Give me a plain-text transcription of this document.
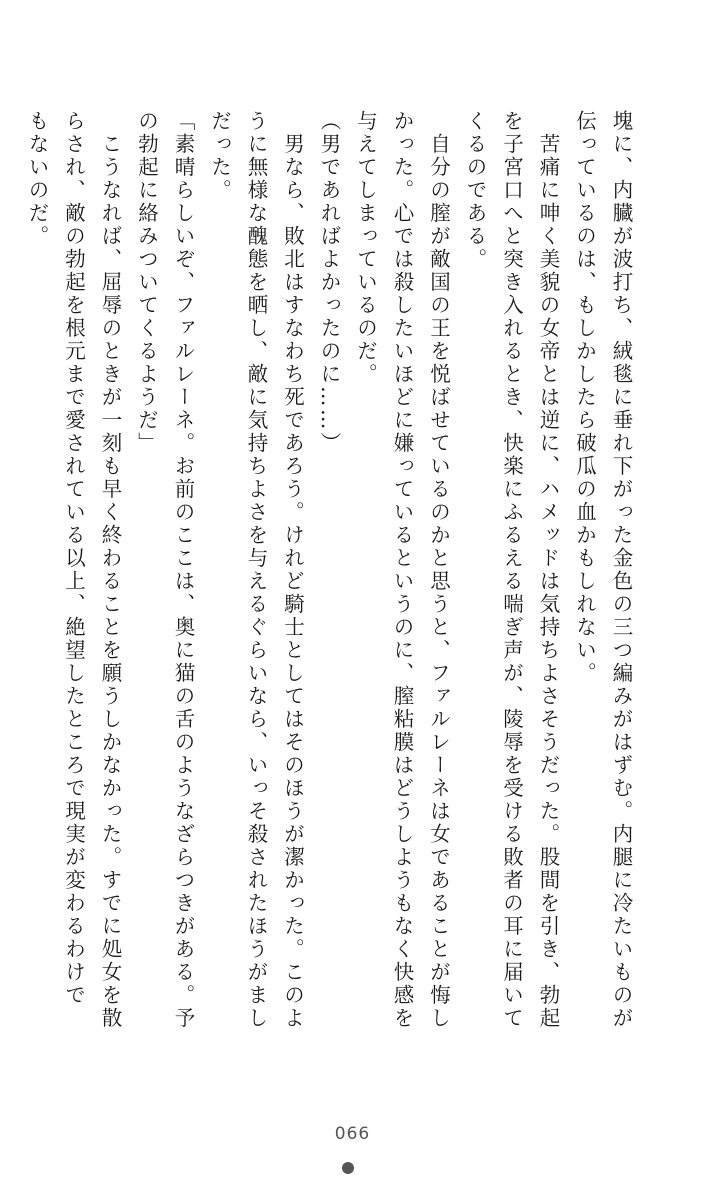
塊に、内臓が波打ち、絨毯に垂れ下がった金色の三つ編みがはずむ。内腿に冷たいものが
伝っているのは、もしかしたら破瓜の血かもしれない。
　苦痛に呻く美貌の女帝とは逆に、ハメッドは気持ちよさそうだった。股間を引き、勃起
を子宮口へと突き入れるとき、快楽にふるえる喘ぎ声が、陵辱を受ける敗者の耳に届いて
くるのである。
　自分の膣が敵国の王を悦ばせているのかと思うと、ファルレーネは女であることが悔し
かった。心では殺したいほどに嫌っているというのに、膣粘膜はどうしようもなく快感を
与えてしまっているのだ。
（男であればよかったのに……）
　男なら、敗北はすなわち死であろう。けれど騎士としてはそのほうが潔かった。このよ
うに無様な醜態を晒し、敵に気持ちよさを与えるぐらいなら、いっそ殺されたほうがまし
だった。
「素晴らしいぞ、ファルレーネ。お前のここは、奥に猫の舌のようなざらつきがある。予
の勃起に絡みついてくるようだ」
　こうなれば、屈辱のときが一刻も早く終わることを願うしかなかった。すでに処女を散
らされ、敵の勃起を根元まで愛されている以上、絶望したところで現実が変わるわけで
もないのだ。
066
